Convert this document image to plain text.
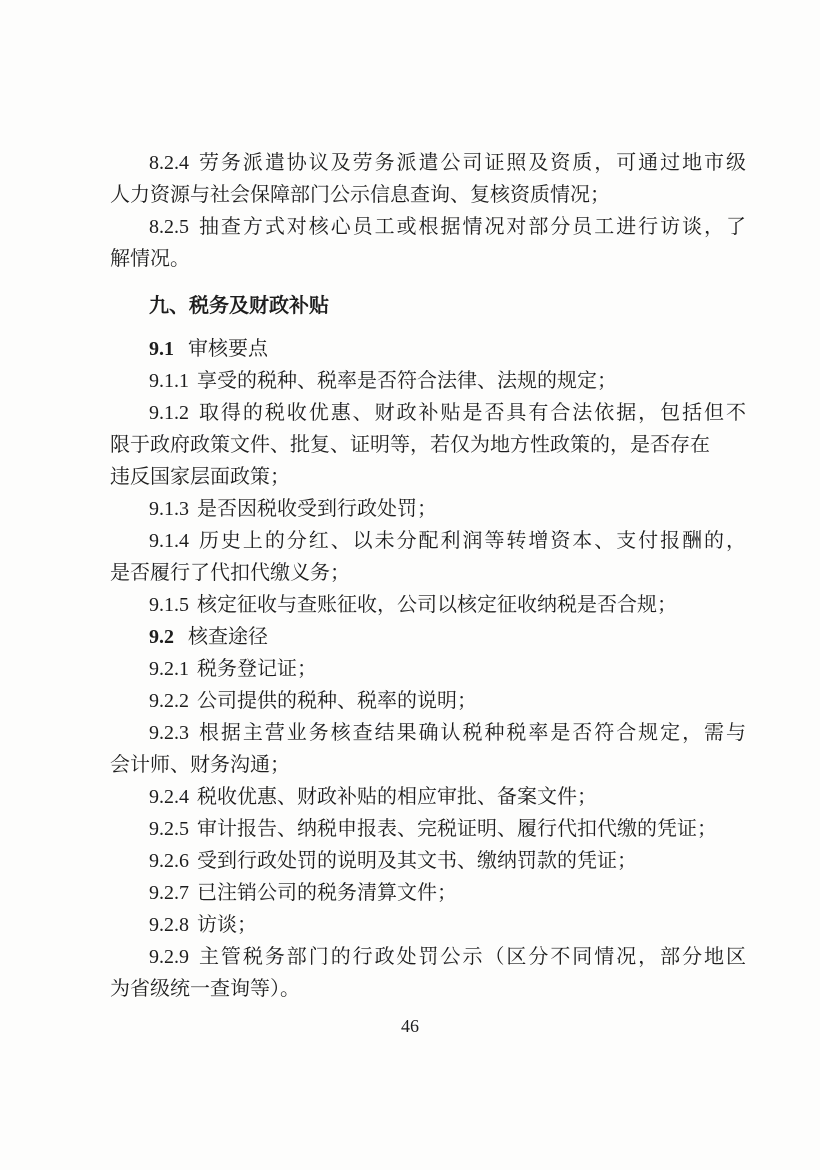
8.2.4 劳务派遣协议及劳务派遣公司证照及资质，可通过地市级
人力资源与社会保障部门公示信息查询、复核资质情况；
8.2.5 抽查方式对核心员工或根据情况对部分员工进行访谈，了
解情况。
九、税务及财政补贴
9.1 审核要点
9.1.1 享受的税种、税率是否符合法律、法规的规定；
9.1.2 取得的税收优惠、财政补贴是否具有合法依据，包括但不
限于政府政策文件、批复、证明等，若仅为地方性政策的，是否存在
违反国家层面政策；
9.1.3 是否因税收受到行政处罚；
9.1.4 历史上的分红、以未分配利润等转增资本、支付报酬的，
是否履行了代扣代缴义务；
9.1.5 核定征收与查账征收，公司以核定征收纳税是否合规；
9.2 核查途径
9.2.1 税务登记证；
9.2.2 公司提供的税种、税率的说明；
9.2.3 根据主营业务核查结果确认税种税率是否符合规定，需与
会计师、财务沟通；
9.2.4 税收优惠、财政补贴的相应审批、备案文件；
9.2.5 审计报告、纳税申报表、完税证明、履行代扣代缴的凭证；
9.2.6 受到行政处罚的说明及其文书、缴纳罚款的凭证；
9.2.7 已注销公司的税务清算文件；
9.2.8 访谈；
9.2.9 主管税务部门的行政处罚公示（区分不同情况，部分地区
为省级统一查询等）。
46
